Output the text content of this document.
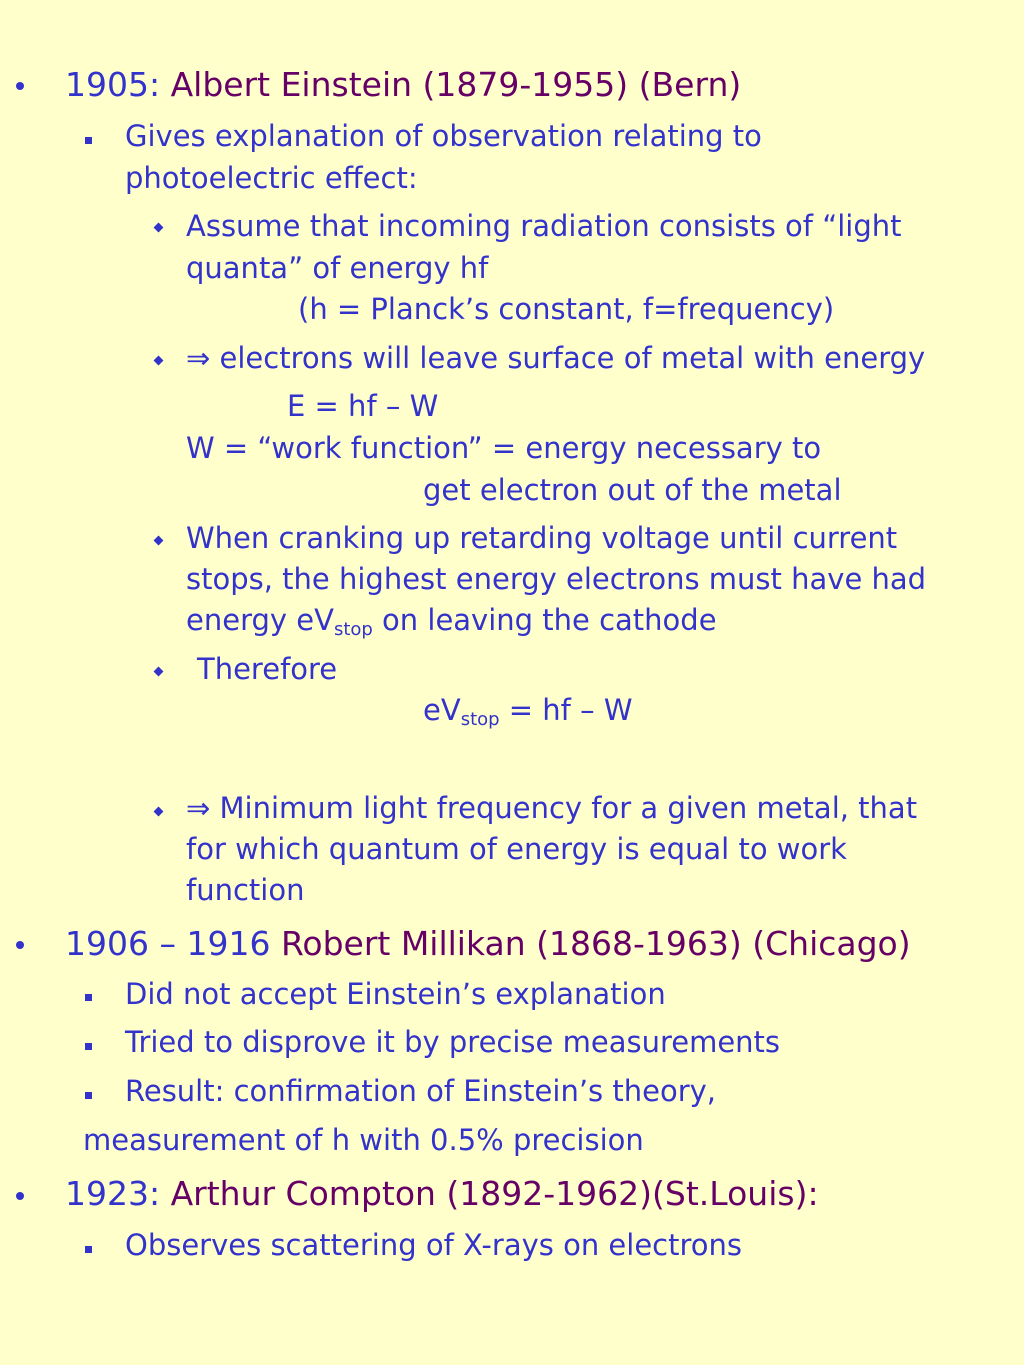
1905: Albert Einstein (1879-1955) (Bern)
Gives explanation of observation relating to
photoelectric effect:
Assume that incoming radiation consists of “light
quanta” of energy hf
(h = Planck’s constant, f=frequency)
⇒ electrons will leave surface of metal with energy
E = hf – W
W = “work function” = energy necessary to
get electron out of the metal
When cranking up retarding voltage until current
stops, the highest energy electrons must have had
energy $eV_{stop}$ on leaving the cathode
Therefore
$eV_{stop}$ = hf – W
⇒ Minimum light frequency for a given metal, that
for which quantum of energy is equal to work
function
1906 – 1916 Robert Millikan (1868-1963) (Chicago)
Did not accept Einstein’s explanation
Tried to disprove it by precise measurements
Result: confirmation of Einstein’s theory,
measurement of h with 0.5% precision
1923: Arthur Compton (1892-1962)(St.Louis):
Observes scattering of X-rays on electrons
